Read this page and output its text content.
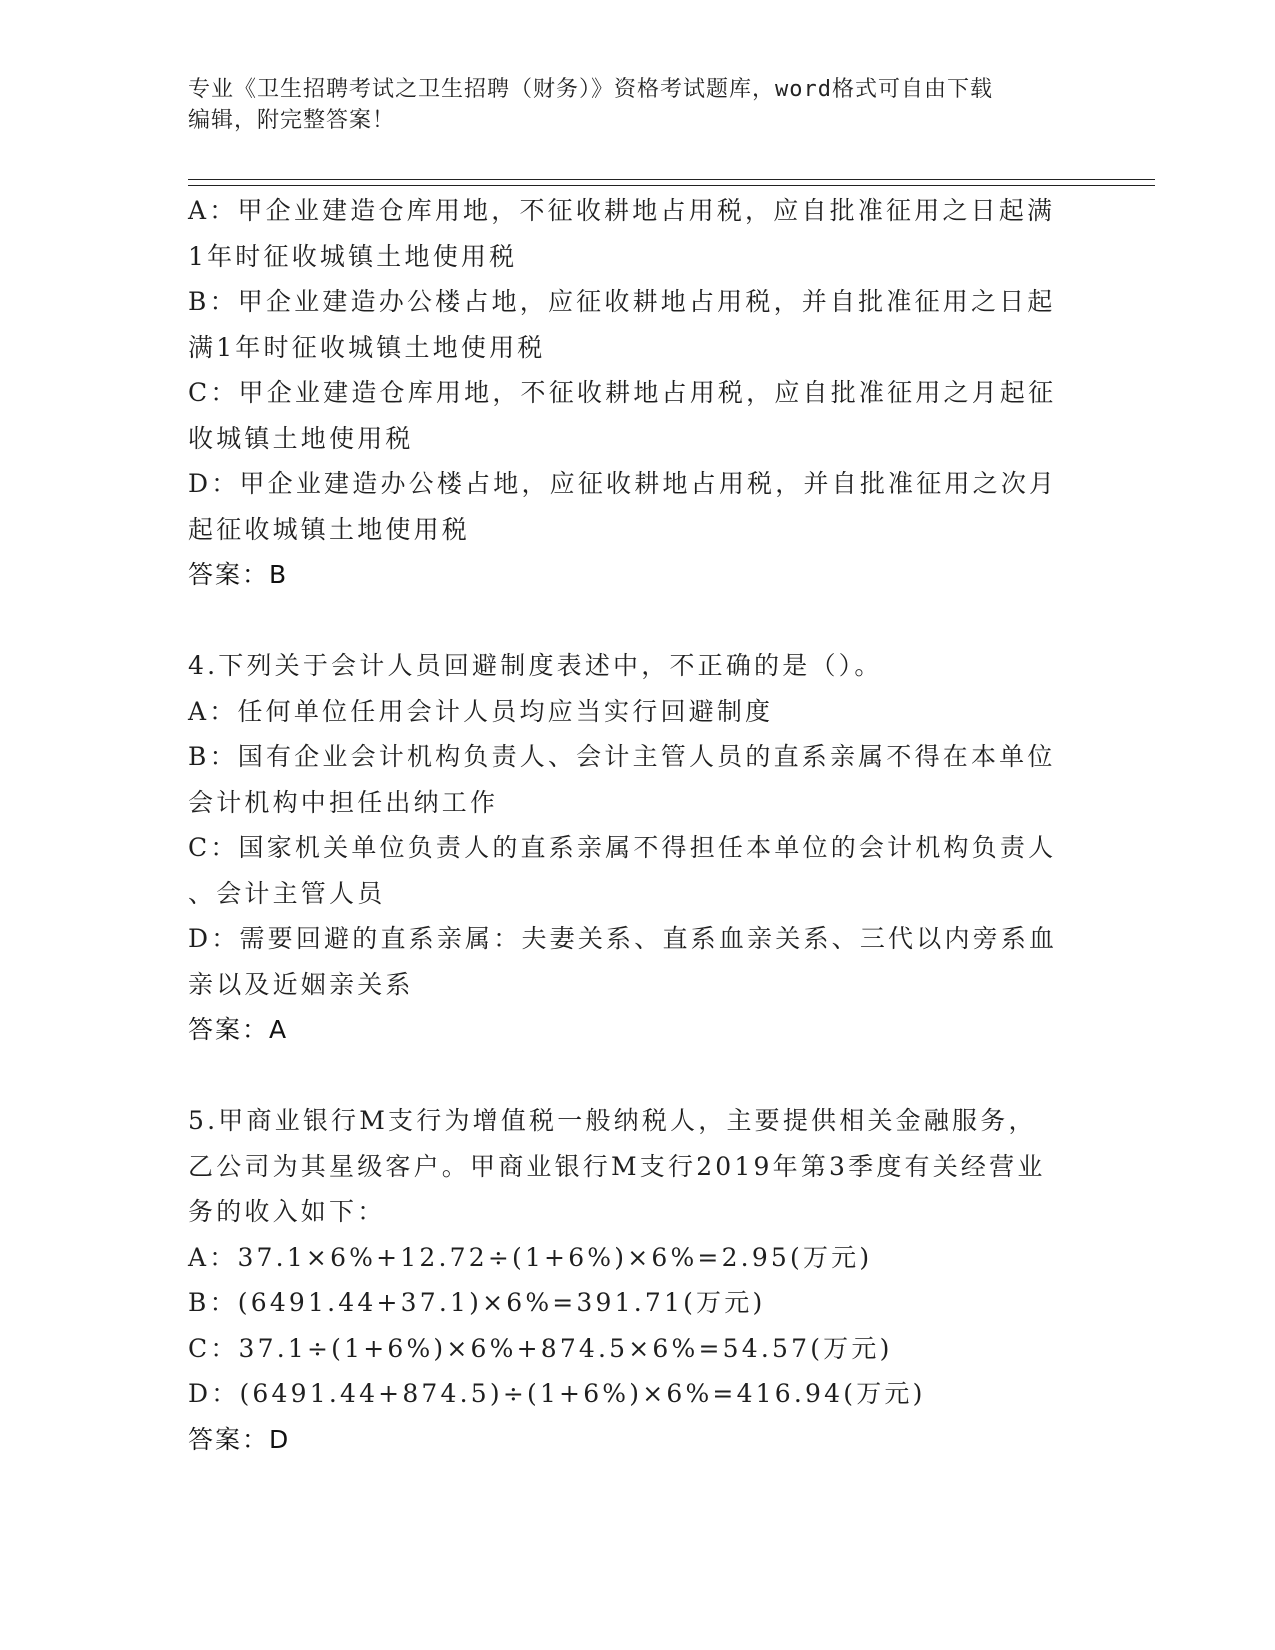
专业《卫生招聘考试之卫生招聘（财务）》资格考试题库，word格式可自由下载
编辑，附完整答案！
A：甲企业建造仓库用地，不征收耕地占用税，应自批准征用之日起满
1年时征收城镇土地使用税
B：甲企业建造办公楼占地，应征收耕地占用税，并自批准征用之日起
满1年时征收城镇土地使用税
C：甲企业建造仓库用地，不征收耕地占用税，应自批准征用之月起征
收城镇土地使用税
D：甲企业建造办公楼占地，应征收耕地占用税，并自批准征用之次月
起征收城镇土地使用税
答案：B
4.下列关于会计人员回避制度表述中，不正确的是（）。
A：任何单位任用会计人员均应当实行回避制度
B：国有企业会计机构负责人、会计主管人员的直系亲属不得在本单位
会计机构中担任出纳工作
C：国家机关单位负责人的直系亲属不得担任本单位的会计机构负责人
、会计主管人员
D：需要回避的直系亲属：夫妻关系、直系血亲关系、三代以内旁系血
亲以及近姻亲关系
答案：A
5.甲商业银行M支行为增值税一般纳税人，主要提供相关金融服务，
乙公司为其星级客户。甲商业银行M支行2019年第3季度有关经营业
务的收入如下：
A：37.1×6%+12.72÷(1+6%)×6%=2.95(万元)
B：(6491.44+37.1)×6%=391.71(万元)
C：37.1÷(1+6%)×6%+874.5×6%=54.57(万元)
D：(6491.44+874.5)÷(1+6%)×6%=416.94(万元)
答案：D
